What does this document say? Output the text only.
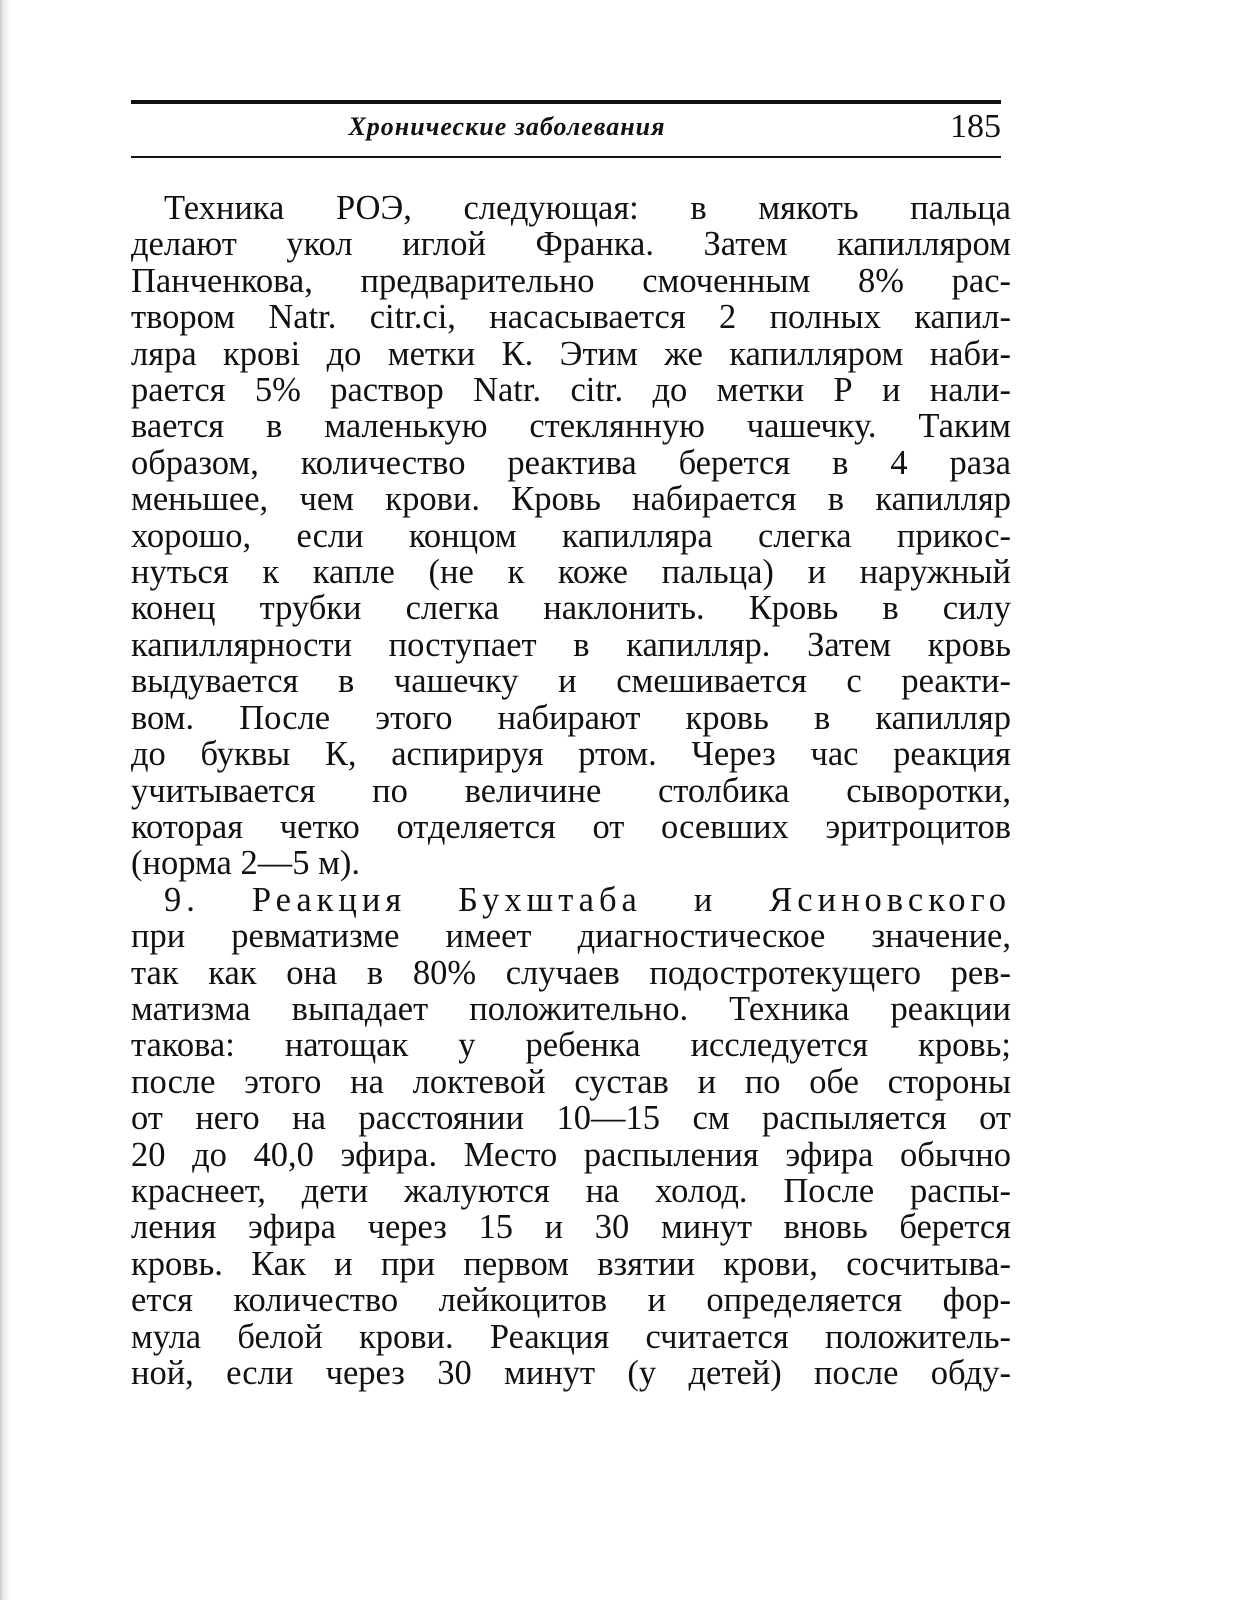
Хронические заболевания	185
Техника РОЭ, следующая: в мякоть пальца
делают укол иглой Франка. Затем капилляром
Панченкова, предварительно смоченным 8% рас-
твором Natr. citr.ci, насасывается 2 полных капил-
ляра кровi до метки К. Этим же капилляром наби-
рается 5% раствор Natr. citr. до метки Р и нали-
вается в маленькую стеклянную чашечку. Таким
образом, количество реактива берется в 4 раза
меньшее, чем крови. Кровь набирается в капилляр
хорошо, если концом капилляра слегка прикос-
нуться к капле (не к коже пальца) и наружный
конец трубки слегка наклонить. Кровь в силу
капиллярности поступает в капилляр. Затем кровь
выдувается в чашечку и смешивается с реакти-
вом. После этого набирают кровь в капилляр
до буквы К, аспирируя ртом. Через час реакция
учитывается по величине столбика сыворотки,
которая четко отделяется от осевших эритроцитов
(норма 2—5 м).
9. Реакция Бухштаба и Ясиновского
при ревматизме имеет диагностическое значение,
так как она в 80% случаев подостротекущего рев-
матизма выпадает положительно. Техника реакции
такова: натощак у ребенка исследуется кровь;
после этого на локтевой сустав и по обе стороны
от него на расстоянии 10—15 см распыляется от
20 до 40,0 эфира. Место распыления эфира обычно
краснеет, дети жалуются на холод. После распы-
ления эфира через 15 и 30 минут вновь берется
кровь. Как и при первом взятии крови, сосчитыва-
ется количество лейкоцитов и определяется фор-
мула белой крови. Реакция считается положитель-
ной, если через 30 минут (у детей) после обду-
